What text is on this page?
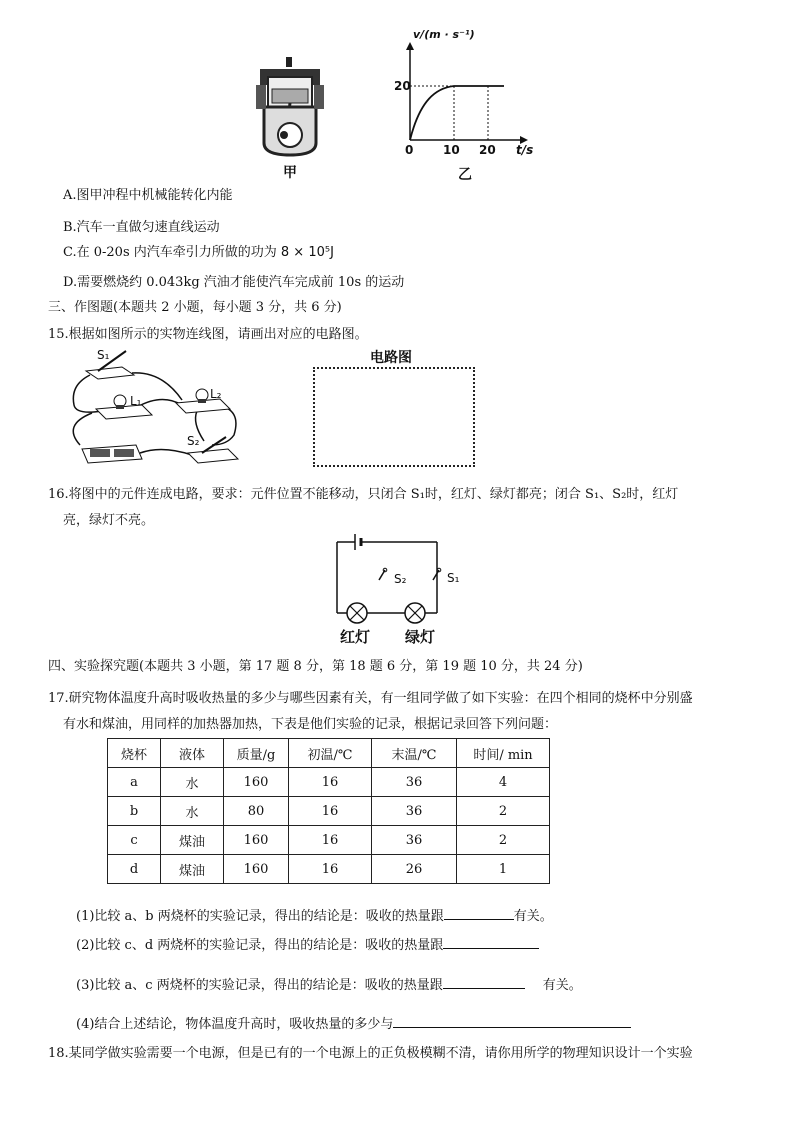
甲
v/(m · s⁻¹)
20
0 10 20 t/s
乙
A.图甲冲程中机械能转化内能
B.汽车一直做匀速直线运动
C.在 0-20s 内汽车牵引力所做的功为 8 × 10⁵J
D.需要燃烧约 0.043kg 汽油才能使汽车完成前 10s 的运动
三、作图题(本题共 2 小题，每小题 3 分，共 6 分)
15.根据如图所示的实物连线图，请画出对应的电路图。
S₁
L₁	L₂
S₂
电路图
16.将图中的元件连成电路，要求：元件位置不能移动，只闭合 S₁时，红灯、绿灯都亮；闭合 S₁、S₂时，红灯
亮，绿灯不亮。
S₂	S₁
红灯 绿灯
四、实验探究题(本题共 3 小题，第 17 题 8 分，第 18 题 6 分，第 19 题 10 分，共 24 分)
17.研究物体温度升高时吸收热量的多少与哪些因素有关，有一组同学做了如下实验：在四个相同的烧杯中分别盛
有水和煤油，用同样的加热器加热，下表是他们实验的记录，根据记录回答下列问题：
烧杯	液体	质量/g	初温/℃	末温/℃	时间/ min
a	水	160	16	36	4
b	水	80	16	36	2
c	煤油	160	16	36	2
d	煤油	160	16	26	1
(1)比较 a、b 两烧杯的实验记录，得出的结论是：吸收的热量跟	有关。
(2)比较 c、d 两烧杯的实验记录，得出的结论是：吸收的热量跟
(3)比较 a、c 两烧杯的实验记录，得出的结论是：吸收的热量跟	有关。
(4)结合上述结论，物体温度升高时，吸收热量的多少与
18.某同学做实验需要一个电源，但是已有的一个电源上的正负极模糊不清，请你用所学的物理知识设计一个实验
